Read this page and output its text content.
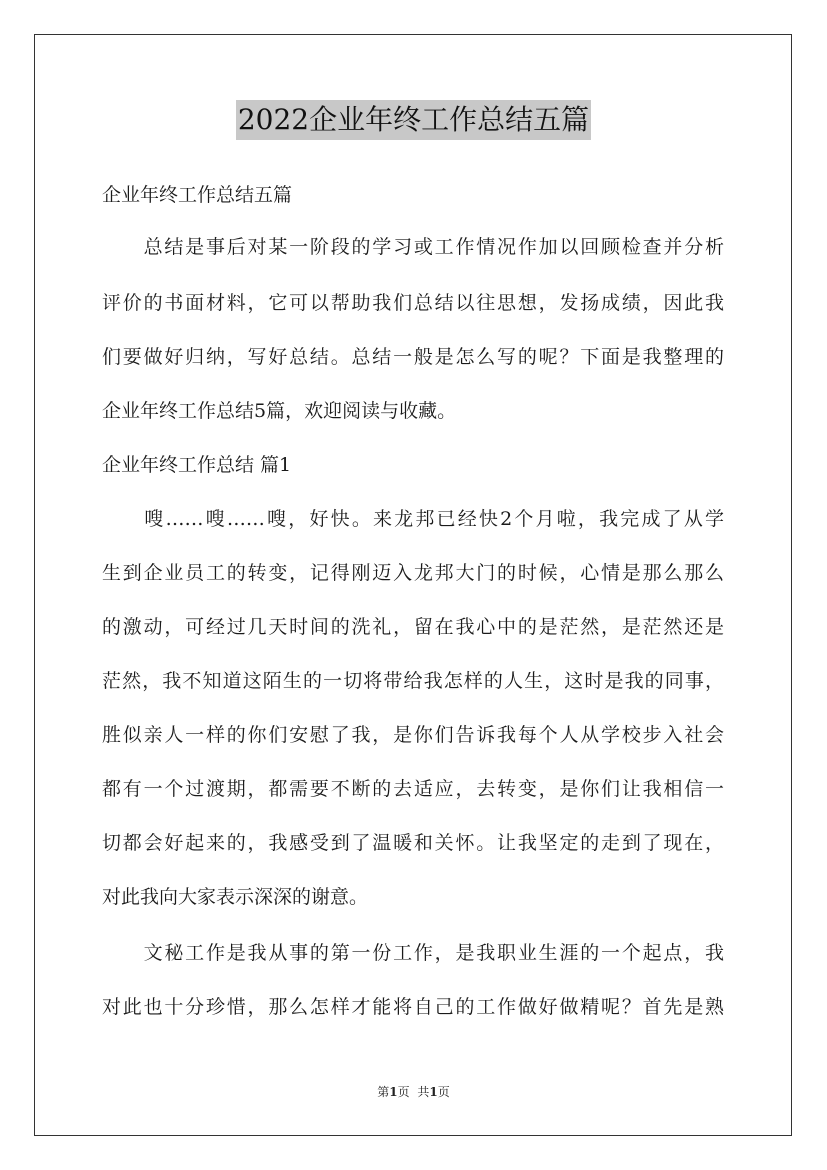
2022企业年终工作总结五篇
企业年终工作总结五篇
　　总结是事后对某一阶段的学习或工作情况作加以回顾检查并分析
评价的书面材料，它可以帮助我们总结以往思想，发扬成绩，因此我
们要做好归纳，写好总结。总结一般是怎么写的呢？下面是我整理的
企业年终工作总结5篇，欢迎阅读与收藏。
企业年终工作总结 篇1
　　嗖……嗖……嗖，好快。来龙邦已经快2个月啦，我完成了从学
生到企业员工的转变，记得刚迈入龙邦大门的时候，心情是那么那么
的激动，可经过几天时间的洗礼，留在我心中的是茫然，是茫然还是
茫然，我不知道这陌生的一切将带给我怎样的人生，这时是我的同事，
胜似亲人一样的你们安慰了我，是你们告诉我每个人从学校步入社会
都有一个过渡期，都需要不断的去适应，去转变，是你们让我相信一
切都会好起来的，我感受到了温暖和关怀。让我坚定的走到了现在，
对此我向大家表示深深的谢意。
　　文秘工作是我从事的第一份工作，是我职业生涯的一个起点，我
对此也十分珍惜，那么怎样才能将自己的工作做好做精呢？首先是熟
第1页 共1页
